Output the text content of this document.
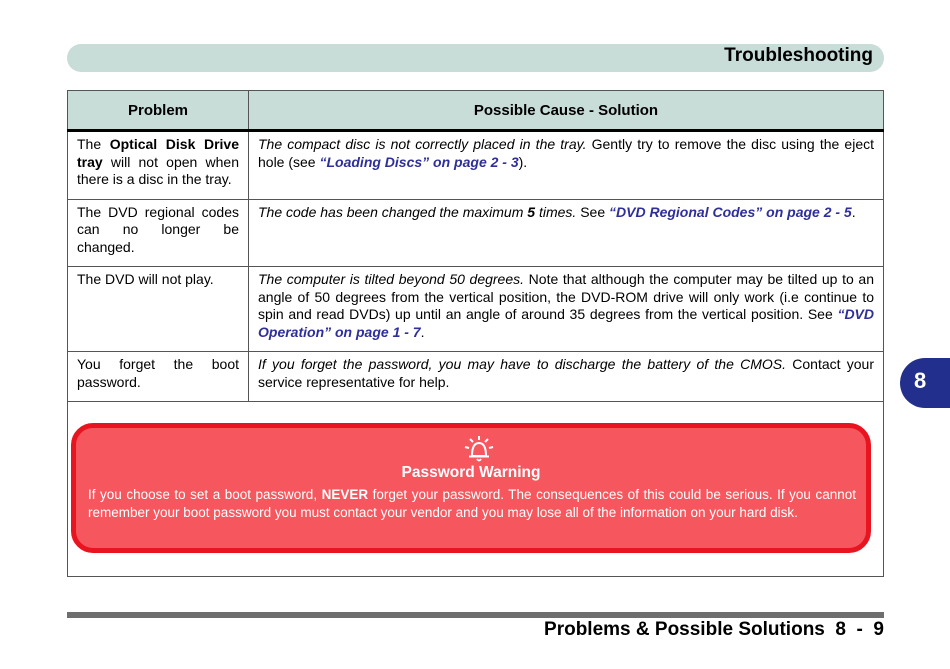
Troubleshooting
8
Problem	Possible Cause - Solution
The Optical Disk Drive tray will not open when there is a disc in the tray.	The compact disc is not correctly placed in the tray. Gently try to remove the disc using the eject hole (see “Loading Discs” on page 2 - 3).
The DVD regional codes can no longer be changed.	The code has been changed the maximum 5 times. See “DVD Regional Codes” on page 2 - 5.
The DVD will not play.	The computer is tilted beyond 50 degrees. Note that although the computer may be tilted up to an angle of 50 degrees from the vertical position, the DVD-ROM drive will only work (i.e continue to spin and read DVDs) up until an angle of around 35 degrees from the vertical position. See “DVD Operation” on page 1 - 7.
You forget the boot password.	If you forget the password, you may have to discharge the battery of the CMOS. Contact your service representative for help.

Password Warning
If you choose to set a boot password, NEVER forget your password. The consequences of this could be serious. If you cannot remember your boot password you must contact your vendor and you may lose all of the information on your hard disk.	
Problems & Possible Solutions  8  -  9
